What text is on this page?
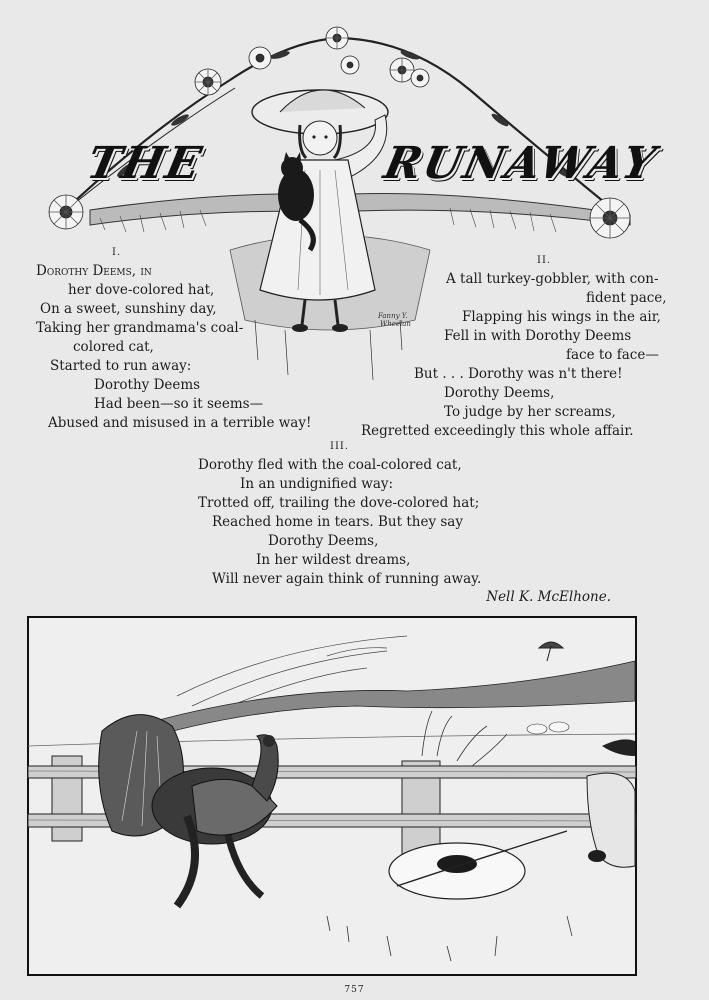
Fanny Y.
Wheelan
THE	RUNAWAY
I.
Dorothy Deems, in
her dove-colored hat,
On a sweet, sunshiny day,
Taking her grandmama's coal-
colored cat,
Started to run away:
Dorothy Deems
Had been—so it seems—
Abused and misused in a terrible way!
II.
A tall turkey-gobbler, with con-
fident pace,
Flapping his wings in the air,
Fell in with Dorothy Deems
face to face—
But . . . Dorothy was n't there!
Dorothy Deems,
To judge by her screams,
Regretted exceedingly this whole affair.
III.
Dorothy fled with the coal-colored cat,
In an undignified way:
Trotted off, trailing the dove-colored hat;
Reached home in tears. But they say
Dorothy Deems,
In her wildest dreams,
Will never again think of running away.
Nell K. McElhone.
757
